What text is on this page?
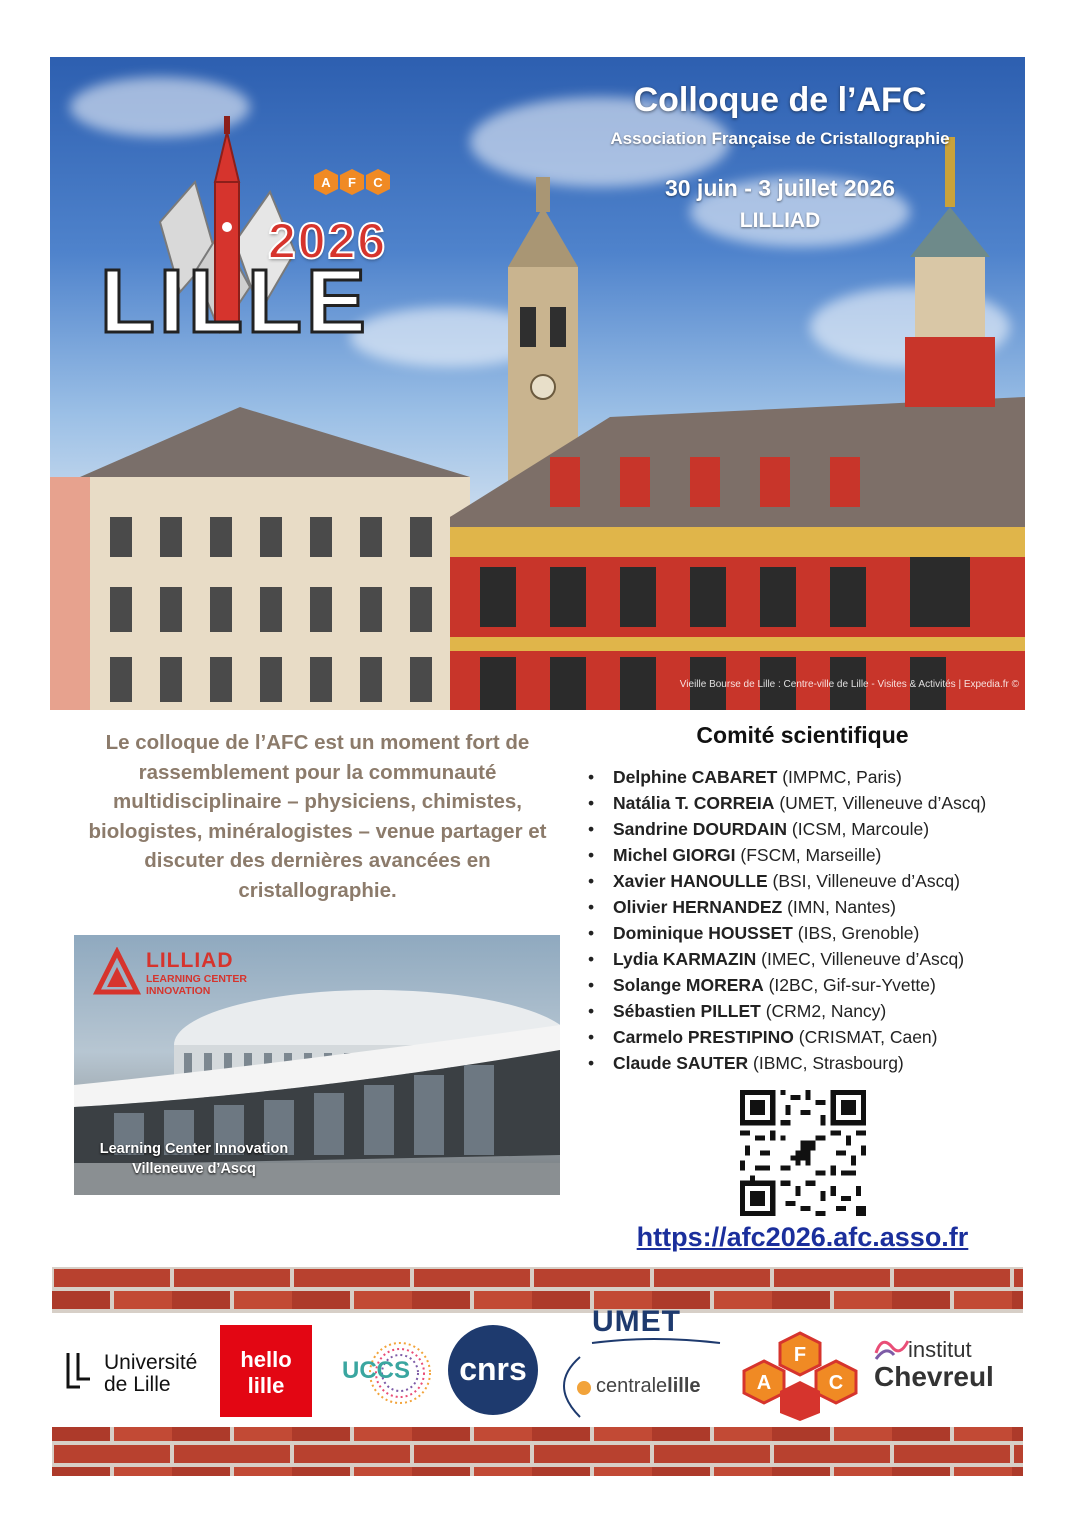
A F C
2026
LILLE
Colloque de l’AFC
Association Française de Cristallographie
30 juin - 3 juillet 2026
LILLIAD
Vieille Bourse de Lille : Centre-ville de Lille - Visites & Activités | Expedia.fr ©
Le colloque de l’AFC est un moment fort de rassemblement pour la communauté multidisciplinaire – physiciens, chimistes, biologistes, minéralogistes – venue partager et discuter des dernières avancées en cristallographie.
LILLIAD
LEARNING CENTER
INNOVATION
Learning Center Innovation
Villeneuve d’Ascq
Comité scientifique
• Delphine CABARET (IMPMC, Paris)
• Natália T. CORREIA (UMET, Villeneuve d’Ascq)
• Sandrine DOURDAIN (ICSM, Marcoule)
• Michel GIORGI (FSCM, Marseille)
• Xavier HANOULLE (BSI, Villeneuve d’Ascq)
• Olivier HERNANDEZ (IMN, Nantes)
• Dominique HOUSSET (IBS, Grenoble)
• Lydia KARMAZIN (IMEC, Villeneuve d’Ascq)
• Solange MORERA (I2BC, Gif-sur-Yvette)
• Sébastien PILLET (CRM2, Nancy)
• Carmelo PRESTIPINO (CRISMAT, Caen)
• Claude SAUTER (IBMC, Strasbourg)
https://afc2026.afc.asso.fr
Université
de Lille
hello
lille
UCCS	cnrs
UMET
centralelille	A
F
C
institut
Chevreul
